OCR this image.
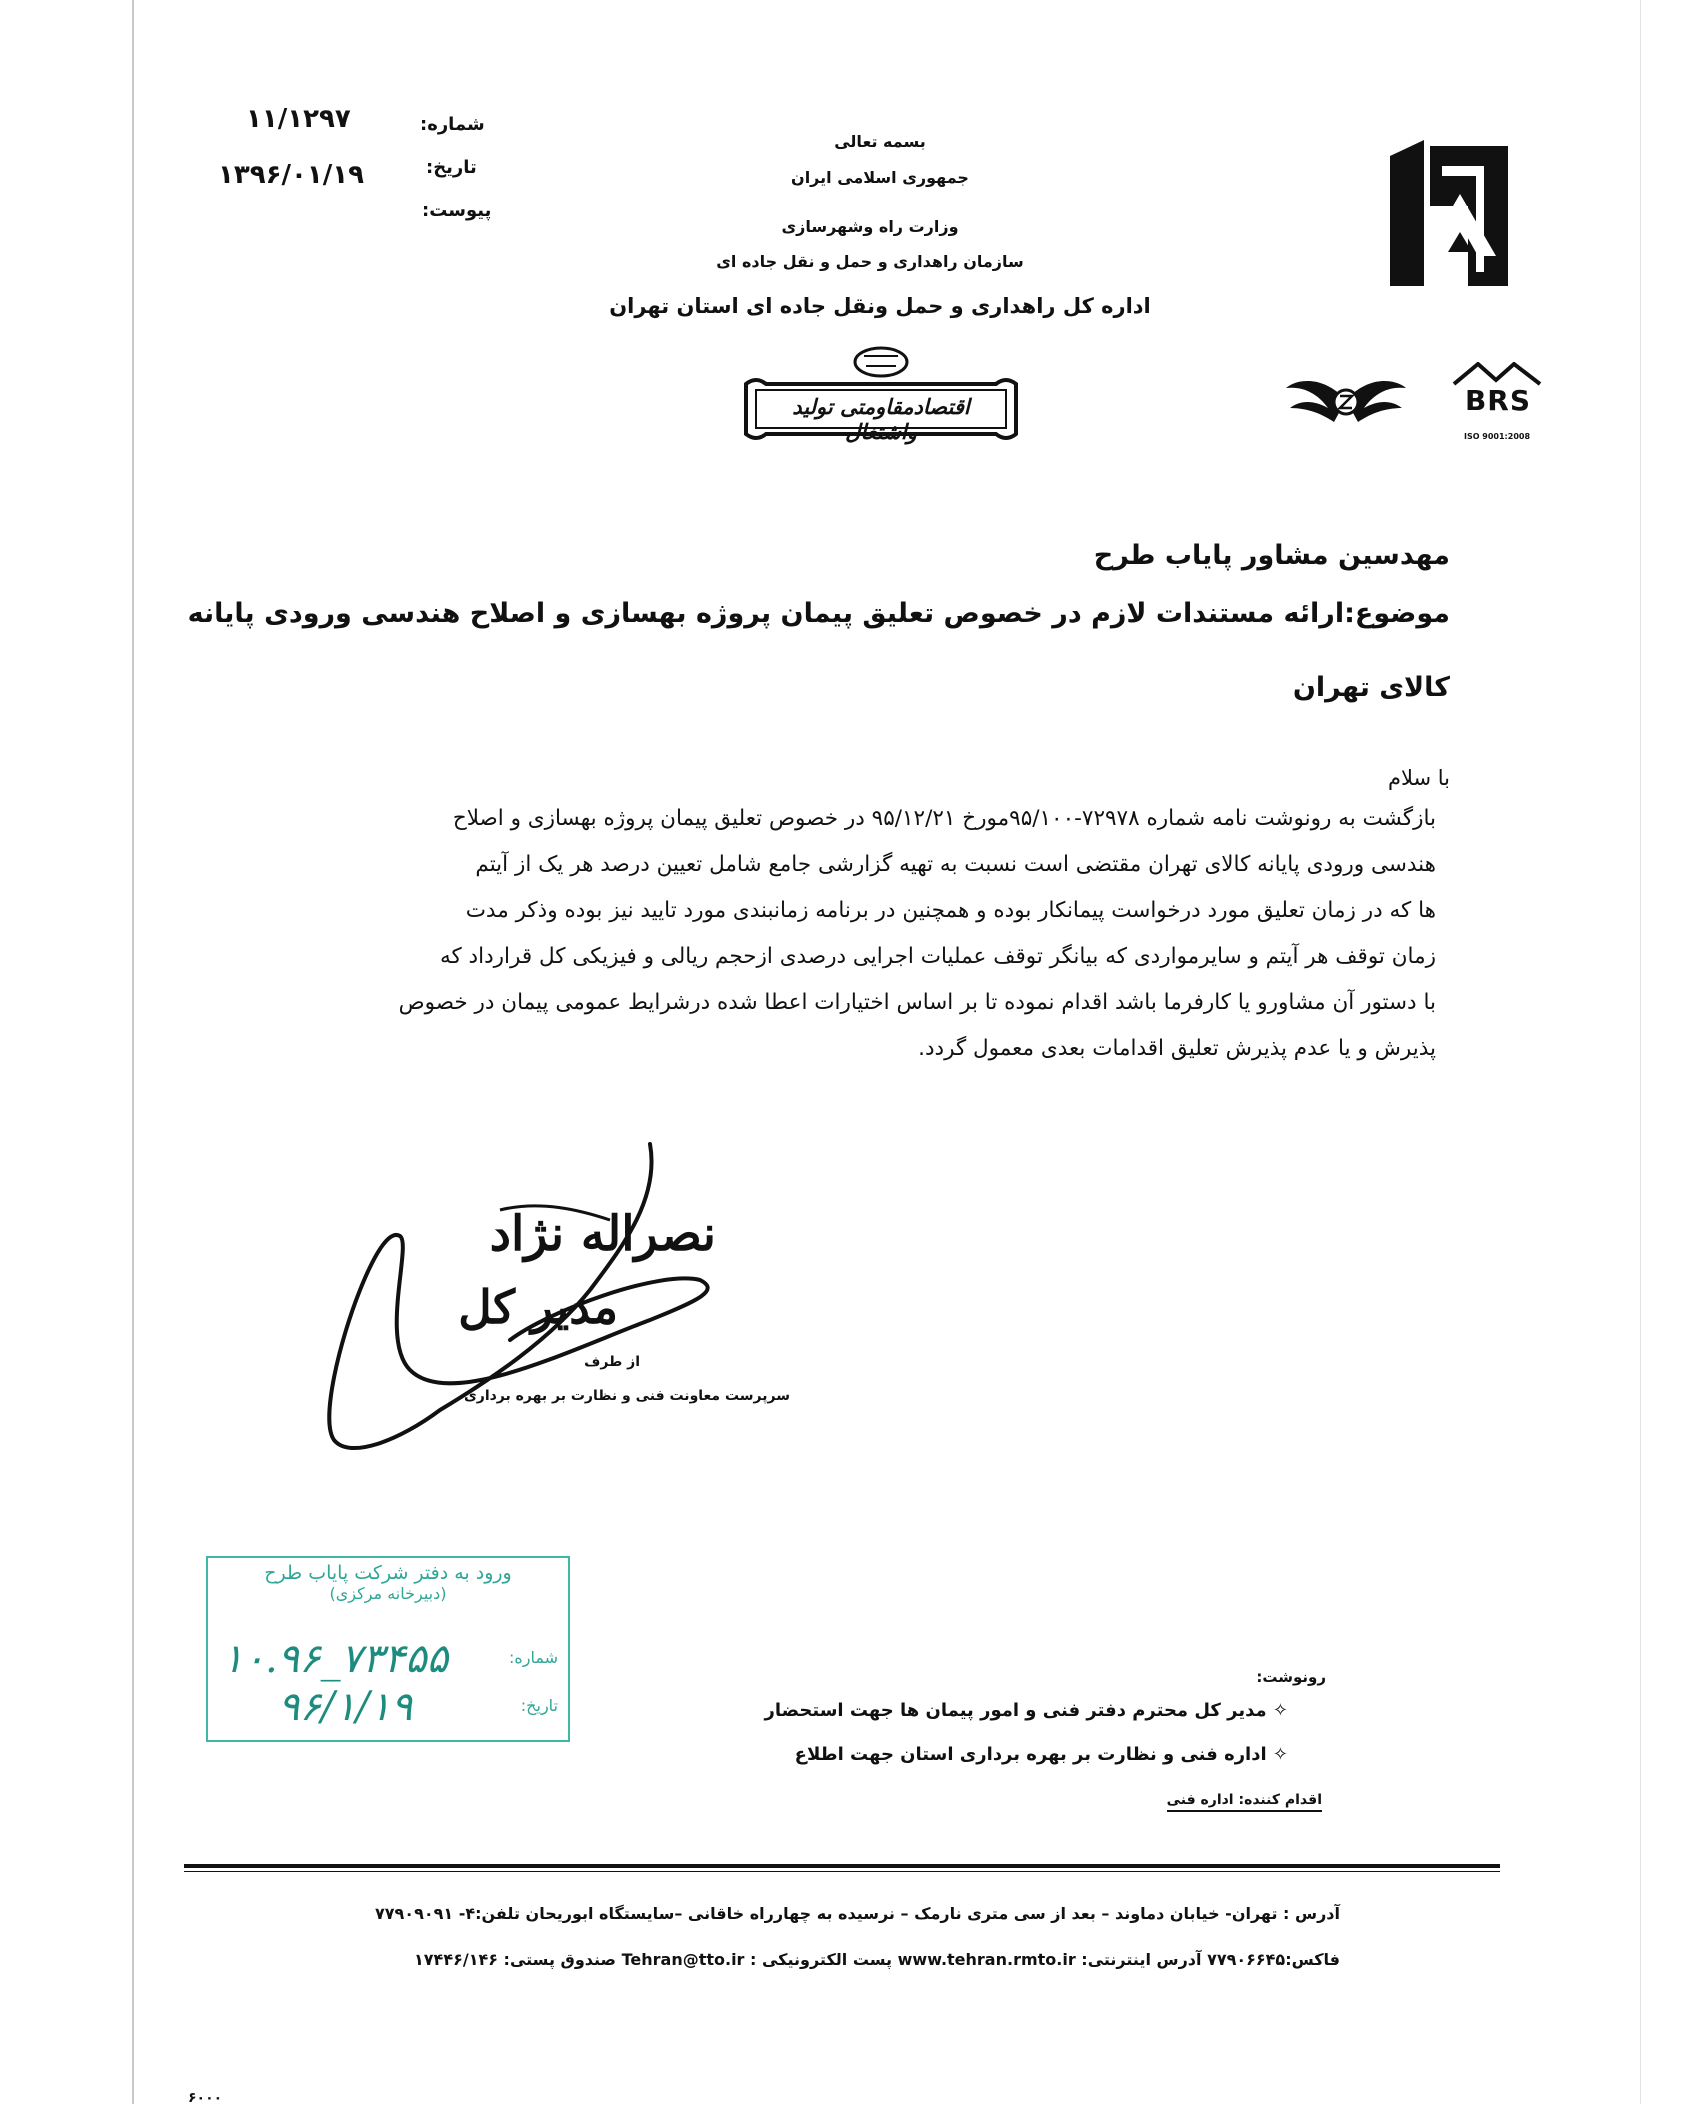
شماره:
۱۱/۱۲۹۷
تاریخ:
۱۳۹۶/۰۱/۱۹
پیوست:
بسمه تعالی
جمهوری اسلامی ایران
وزارت راه وشهرسازی
سازمان راهداری و حمل و نقل جاده ای
اداره کل راهداری و حمل ونقل جاده ای استان تهران
اقتصادمقاومتی تولید واشتغال
BRS
ISO 9001:2008
مهدسین مشاور پایاب طرح
موضوع:ارائه مستندات لازم در خصوص تعلیق پیمان پروژه بهسازی و اصلاح هندسی ورودی پایانه
کالای تهران
با سلام
بازگشت به رونوشت نامه شماره ۷۲۹۷۸-۹۵/۱۰۰مورخ ۹۵/۱۲/۲۱ در خصوص تعلیق پیمان پروژه بهسازی و اصلاح
هندسی ورودی پایانه کالای تهران مقتضی است نسبت به تهیه گزارشی جامع شامل تعیین درصد هر یک از آیتم
ها که در زمان تعلیق مورد درخواست پیمانکار بوده و همچنین در برنامه زمانبندی مورد تایید نیز بوده وذکر مدت
زمان توقف هر آیتم و سایرمواردی که بیانگر توقف عملیات اجرایی درصدی ازحجم ریالی و فیزیکی کل قرارداد که
با دستور آن مشاورو یا کارفرما باشد اقدام نموده تا بر اساس اختیارات اعطا شده درشرایط عمومی پیمان در خصوص
پذیرش و یا عدم پذیرش تعلیق اقدامات بعدی معمول گردد.
نصراله نژاد
مدیر کل
از طرف
سرپرست معاونت فنی و نظارت بر بهره برداری
ورود به دفتر شرکت پایاب طرح
(دبیرخانه مرکزی)
شماره:
۱۰.۹۶_۷۳۴۵۵
تاریخ:
۹۶/۱/۱۹
رونوشت:
✧ مدیر کل محترم دفتر فنی و امور پیمان ها جهت استحضار
✧ اداره فنی و نظارت بر بهره برداری استان جهت اطلاع
اقدام کننده: اداره فنی
آدرس : تهران- خیابان دماوند – بعد از سی متری نارمک – نرسیده به چهارراه خاقانی –سایستگاه ابوریحان تلفن:۴- ۷۷۹۰۹۰۹۱
فاکس:۷۷۹۰۶۶۴۵ آدرس اینترنتی: www.tehran.rmto.ir پست الکترونیکی : Tehran@tto.ir صندوق پستی: ۱۷۴۴۶/۱۴۶
۶۰۰۰
